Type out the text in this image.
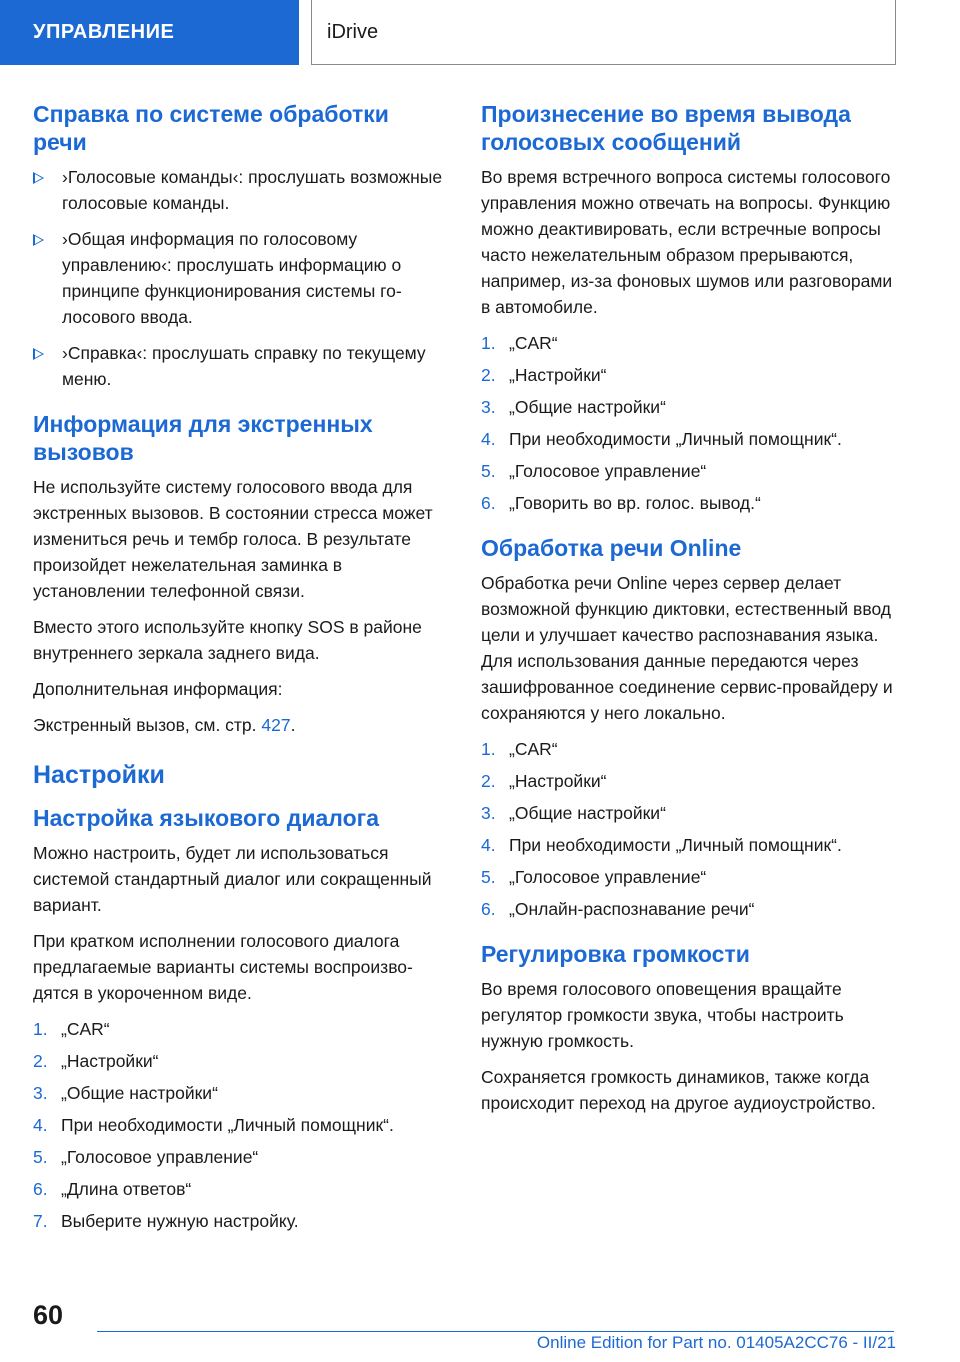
УПРАВЛЕНИЕ	iDrive
Справка по системе обработки речи
›Голосовые команды‹: прослушать возможные голосовые команды.
›Общая информация по голосовому управлению‹: прослушать информацию о принципе функционирования системы голосового ввода.
›Справка‹: прослушать справку по текущему меню.
Информация для экстренных вызовов

Не используйте систему голосового ввода для экстренных вызовов. В состоянии стресса может измениться речь и тембр голоса. В результате произойдет нежелательная заминка в установлении телефонной связи.

Вместо этого используйте кнопку SOS в районе внутреннего зеркала заднего вида.

Дополнительная информация:

Экстренный вызов, см. стр. 427.

Настройки
Настройка языкового диалога

Можно настроить, будет ли использоваться системой стандартный диалог или сокращенный вариант.

При кратком исполнении голосового диалога предлагаемые варианты системы воспроизводятся в укороченном виде.

1. „CAR“
2. „Настройки“
3. „Общие настройки“
4. При необходимости „Личный помощник“.
5. „Голосовое управление“
6. „Длина ответов“
7. Выберите нужную настройку.
Произнесение во время вывода голосовых сообщений

Во время встречного вопроса системы голосового управления можно отвечать на вопросы. Функцию можно деактивировать, если встречные вопросы часто нежелательным образом прерываются, например, из-за фоновых шумов или разговорами в автомобиле.

1. „CAR“
2. „Настройки“
3. „Общие настройки“
4. При необходимости „Личный помощник“.
5. „Голосовое управление“
6. „Говорить во вр. голос. вывод.“
Обработка речи Online

Обработка речи Online через сервер делает возможной функцию диктовки, естественный ввод цели и улучшает качество распознавания языка. Для использования данные передаются через зашифрованное соединение сервис-провайдеру и сохраняются у него локально.

1. „CAR“
2. „Настройки“
3. „Общие настройки“
4. При необходимости „Личный помощник“.
5. „Голосовое управление“
6. „Онлайн-распознавание речи“
Регулировка громкости

Во время голосового оповещения вращайте регулятор громкости звука, чтобы настроить нужную громкость.

Сохраняется громкость динамиков, также когда происходит переход на другое аудиоустройство.

60
Online Edition for Part no. 01405A2CC76 - II/21
